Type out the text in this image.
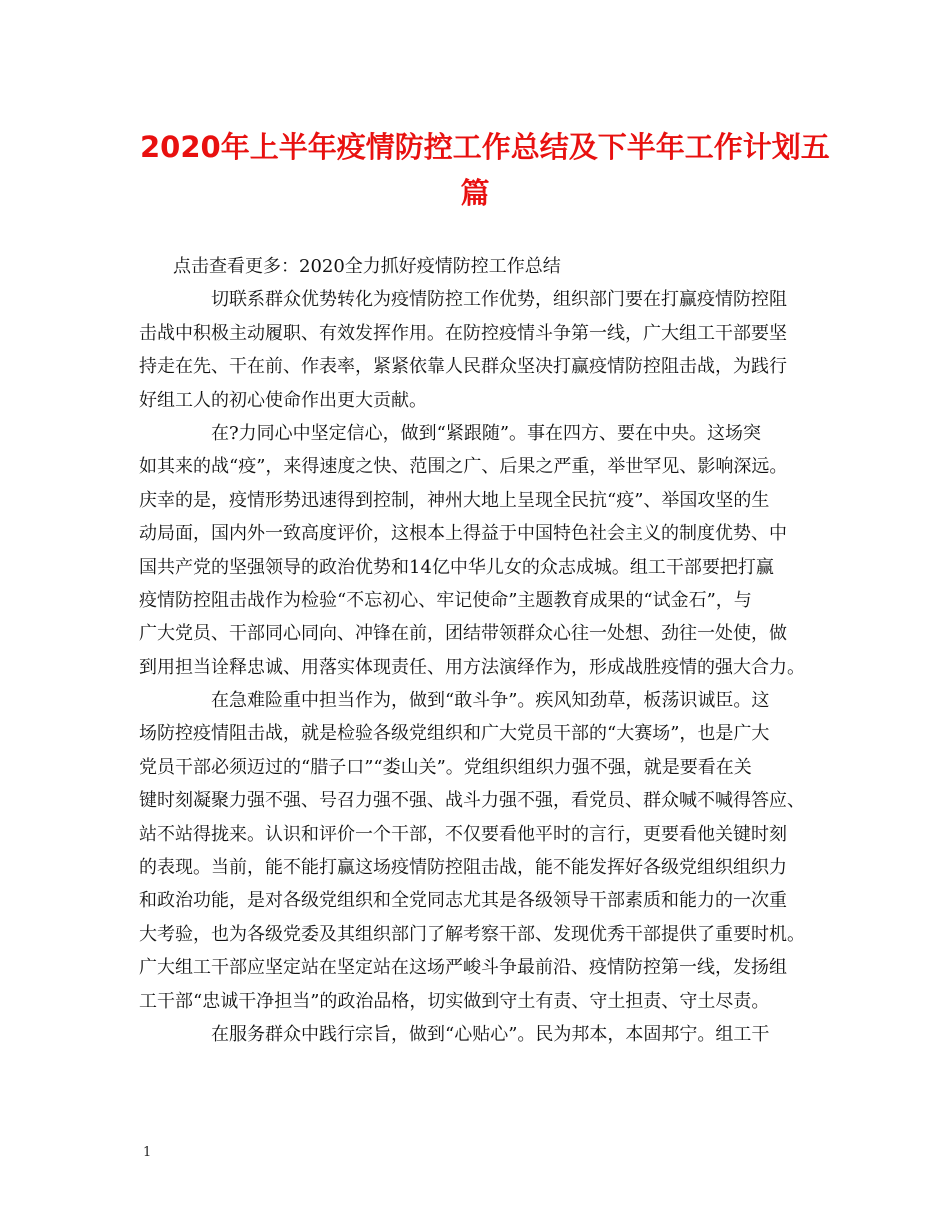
2020年上半年疫情防控工作总结及下半年工作计划五
篇
点击查看更多：2020全力抓好疫情防控工作总结
切联系群众优势转化为疫情防控工作优势，组织部门要在打赢疫情防控阻
击战中积极主动履职、有效发挥作用。在防控疫情斗争第一线，广大组工干部要坚
持走在先、干在前、作表率，紧紧依靠人民群众坚决打赢疫情防控阻击战，为践行
好组工人的初心使命作出更大贡献。
在?力同心中坚定信心，做到“紧跟随”。事在四方、要在中央。这场突
如其来的战“疫”，来得速度之快、范围之广、后果之严重，举世罕见、影响深远。
庆幸的是，疫情形势迅速得到控制，神州大地上呈现全民抗“疫”、举国攻坚的生
动局面，国内外一致高度评价，这根本上得益于中国特色社会主义的制度优势、中
国共产党的坚强领导的政治优势和14亿中华儿女的众志成城。组工干部要把打赢
疫情防控阻击战作为检验“不忘初心、牢记使命”主题教育成果的“试金石”，与
广大党员、干部同心同向、冲锋在前，团结带领群众心往一处想、劲往一处使，做
到用担当诠释忠诚、用落实体现责任、用方法演绎作为，形成战胜疫情的强大合力。
在急难险重中担当作为，做到“敢斗争”。疾风知劲草，板荡识诚臣。这
场防控疫情阻击战，就是检验各级党组织和广大党员干部的“大赛场”，也是广大
党员干部必须迈过的“腊子口”“娄山关”。党组织组织力强不强，就是要看在关
键时刻凝聚力强不强、号召力强不强、战斗力强不强，看党员、群众喊不喊得答应、
站不站得拢来。认识和评价一个干部，不仅要看他平时的言行，更要看他关键时刻
的表现。当前，能不能打赢这场疫情防控阻击战，能不能发挥好各级党组织组织力
和政治功能，是对各级党组织和全党同志尤其是各级领导干部素质和能力的一次重
大考验，也为各级党委及其组织部门了解考察干部、发现优秀干部提供了重要时机。
广大组工干部应坚定站在坚定站在这场严峻斗争最前沿、疫情防控第一线，发扬组
工干部“忠诚干净担当”的政治品格，切实做到守土有责、守土担责、守土尽责。
在服务群众中践行宗旨，做到“心贴心”。民为邦本，本固邦宁。组工干
1
